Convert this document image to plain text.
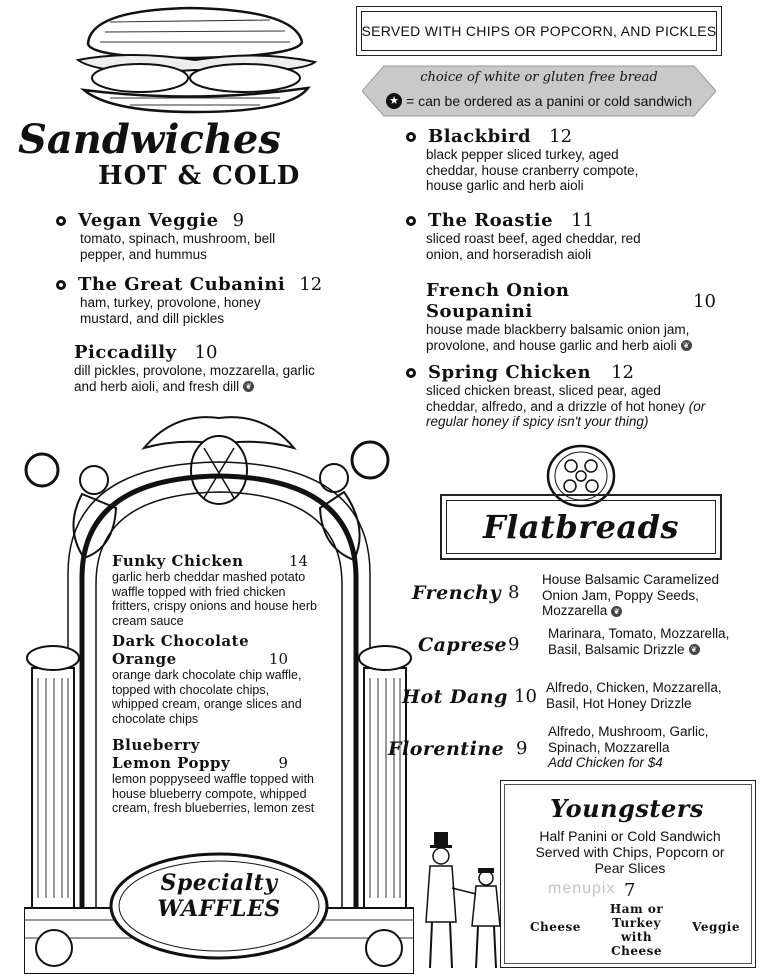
Sandwiches
HOT & COLD
SERVED WITH CHIPS OR POPCORN, AND PICKLES
choice of white or gluten free bread
★ = can be ordered as a panini or cold sandwich
Vegan Veggie 9
tomato, spinach, mushroom, bell pepper, and hummus
The Great Cubanini 12
ham, turkey, provolone, honey mustard, and dill pickles
Piccadilly 10
dill pickles, provolone, mozzarella, garlic and herb aioli, and fresh dill ❦
Blackbird 12
black pepper sliced turkey, aged cheddar, house cranberry compote, house garlic and herb aioli
The Roastie 11
sliced roast beef, aged cheddar, red onion, and horseradish aioli
French Onion Soupanini	10
house made blackberry balsamic onion jam, provolone, and house garlic and herb aioli ❦
Spring Chicken 12
sliced chicken breast, sliced pear, aged cheddar, alfredo, and a drizzle of hot honey (or regular honey if spicy isn't your thing)
Funky Chicken	14
garlic herb cheddar mashed potato waffle topped with fried chicken fritters, crispy onions and house herb cream sauce
Dark Chocolate Orange	10
orange dark chocolate chip waffle, topped with chocolate chips, whipped cream, orange slices and chocolate chips
Blueberry Lemon Poppy	9
lemon poppyseed waffle topped with house blueberry compote, whipped cream, fresh blueberries, lemon zest
Specialty
WAFFLES
Flatbreads
Frenchy 8
House Balsamic Caramelized Onion Jam, Poppy Seeds, Mozzarella ❦
Caprese 9
Marinara, Tomato, Mozzarella, Basil, Balsamic Drizzle ❦
Hot Dang 10 Alfredo, Chicken, Mozzarella, Basil, Hot Honey Drizzle
Florentine 9
Alfredo, Mushroom, Garlic, Spinach, Mozzarella
Add Chicken for $4
Youngsters
Half Panini or Cold Sandwich Served with Chips, Popcorn or Pear Slices
menupix 7
Cheese
Ham or Turkey with Cheese
Veggie
